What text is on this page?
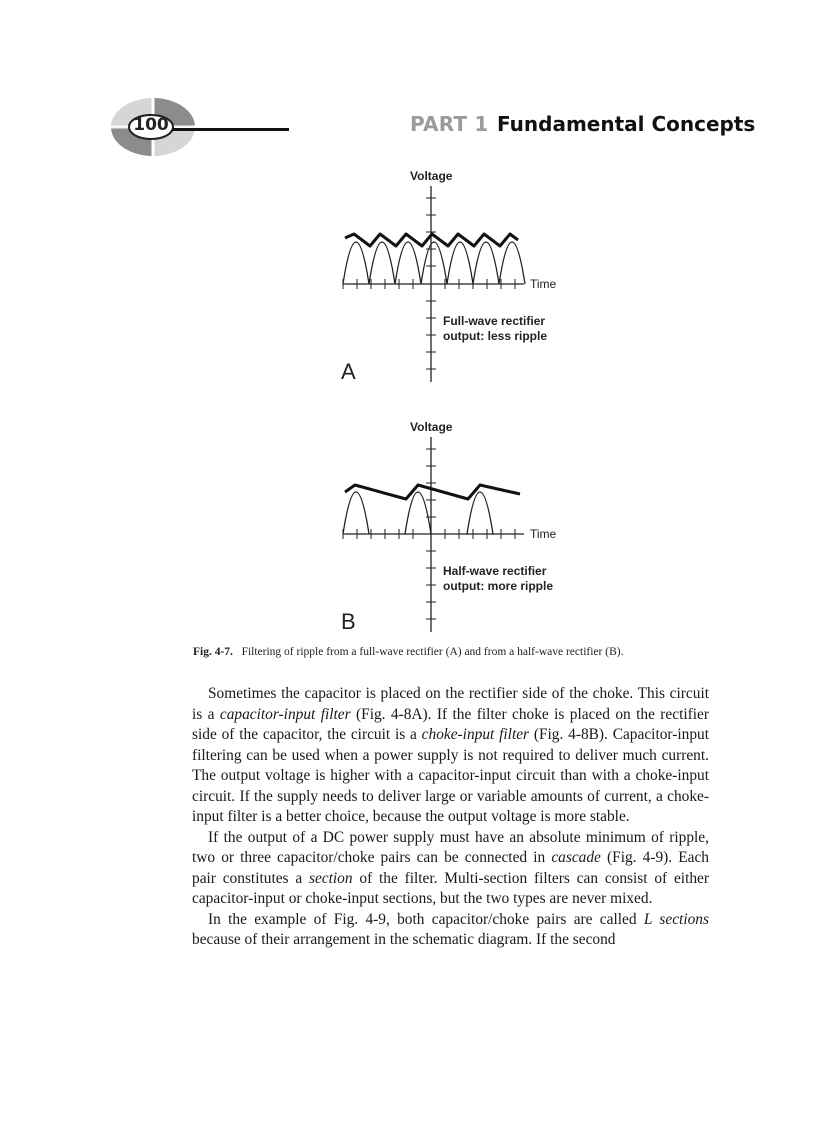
100	PART 1 Fundamental Concepts
Voltage
Time
Full-wave rectifier
output: less ripple
A
Voltage
Time
Half-wave rectifier
output: more ripple
B
Fig. 4-7. Filtering of ripple from a full-wave rectifier (A) and from a half-wave rectifier (B).

Sometimes the capacitor is placed on the rectifier side of the choke. This circuit is a capacitor-input filter (Fig. 4-8A). If the filter choke is placed on the rectifier side of the capacitor, the circuit is a choke-input filter (Fig. 4-8B). Capacitor-input filtering can be used when a power supply is not required to deliver much current. The output voltage is higher with a capacitor-input circuit than with a choke-input circuit. If the supply needs to deliver large or variable amounts of current, a choke-input filter is a better choice, because the output voltage is more stable.

If the output of a DC power supply must have an absolute minimum of ripple, two or three capacitor/choke pairs can be connected in cascade (Fig. 4-9). Each pair constitutes a section of the filter. Multi-section filters can consist of either capacitor-input or choke-input sections, but the two types are never mixed.

In the example of Fig. 4-9, both capacitor/choke pairs are called L sections because of their arrangement in the schematic diagram. If the second
